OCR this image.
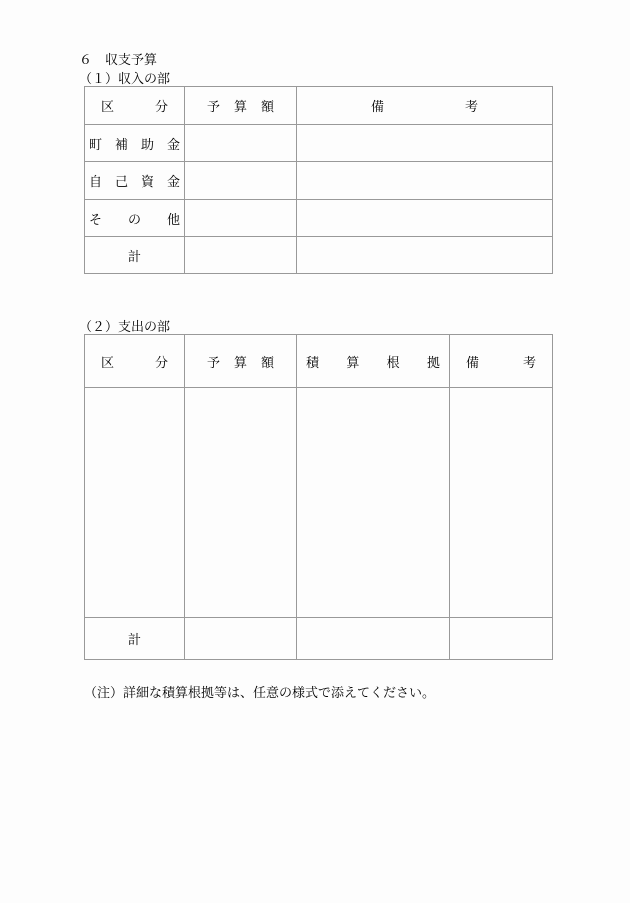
６　収支予算
（１）収入の部
区 分	予 算 額	備 考

町 補 助 金		

自 己 資 金		

そ の 他		

計		
（２）支出の部
区 分	予 算 額	積 算 根 拠	備 考

計			
（注）詳細な積算根拠等は、任意の様式で添えてください。
